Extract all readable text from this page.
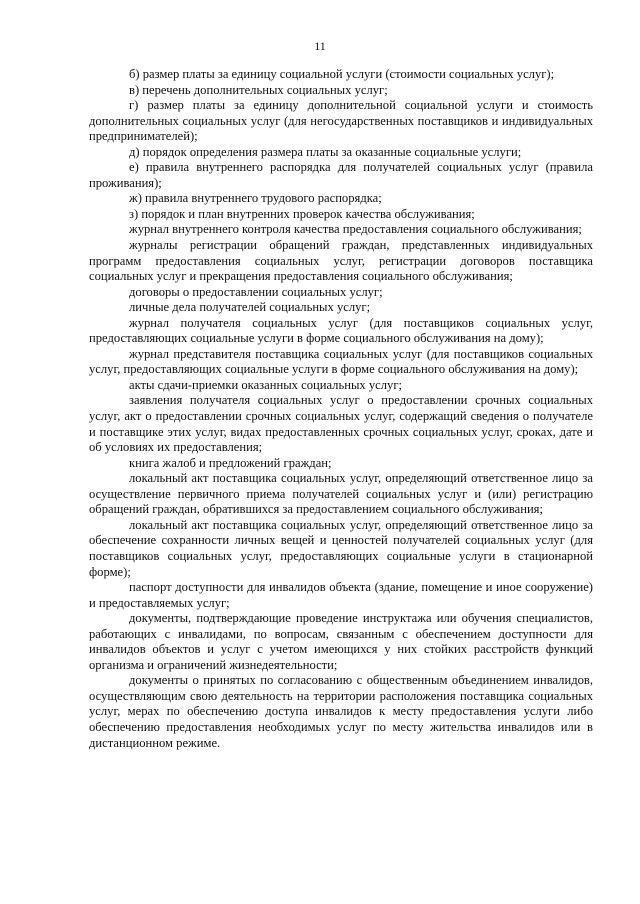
11

б) размер платы за единицу социальной услуги (стоимости социальных услуг);

в) перечень дополнительных социальных услуг;

г) размер платы за единицу дополнительной социальной услуги и стоимость дополнительных социальных услуг (для негосударственных поставщиков и индивидуальных предпринимателей);

д) порядок определения размера платы за оказанные социальные услуги;

е) правила внутреннего распорядка для получателей социальных услуг (правила проживания);

ж) правила внутреннего трудового распорядка;

з) порядок и план внутренних проверок качества обслуживания;

журнал внутреннего контроля качества предоставления социального обслуживания;

журналы регистрации обращений граждан, представленных индивидуальных программ предоставления социальных услуг, регистрации договоров поставщика социальных услуг и прекращения предоставления социального обслуживания;

договоры о предоставлении социальных услуг;

личные дела получателей социальных услуг;

журнал получателя социальных услуг (для поставщиков социальных услуг, предоставляющих социальные услуги в форме социального обслуживания на дому);

журнал представителя поставщика социальных услуг (для поставщиков социальных услуг, предоставляющих социальные услуги в форме социального обслуживания на дому);

акты сдачи-приемки оказанных социальных услуг;

заявления получателя социальных услуг о предоставлении срочных социальных услуг, акт о предоставлении срочных социальных услуг, содержащий сведения о получателе и поставщике этих услуг, видах предоставленных срочных социальных услуг, сроках, дате и об условиях их предоставления;

книга жалоб и предложений граждан;

локальный акт поставщика социальных услуг, определяющий ответственное лицо за осуществление первичного приема получателей социальных услуг и (или) регистрацию обращений граждан, обратившихся за предоставлением социального обслуживания;

локальный акт поставщика социальных услуг, определяющий ответственное лицо за обеспечение сохранности личных вещей и ценностей получателей социальных услуг (для поставщиков социальных услуг, предоставляющих социальные услуги в стационарной форме);

паспорт доступности для инвалидов объекта (здание, помещение и иное сооружение) и предоставляемых услуг;

документы, подтверждающие проведение инструктажа или обучения специалистов, работающих с инвалидами, по вопросам, связанным с обеспечением доступности для инвалидов объектов и услуг с учетом имеющихся у них стойких расстройств функций организма и ограничений жизнедеятельности;

документы о принятых по согласованию с общественным объединением инвалидов, осуществляющим свою деятельность на территории расположения поставщика социальных услуг, мерах по обеспечению доступа инвалидов к месту предоставления услуги либо обеспечению предоставления необходимых услуг по месту жительства инвалидов или в дистанционном режиме.
